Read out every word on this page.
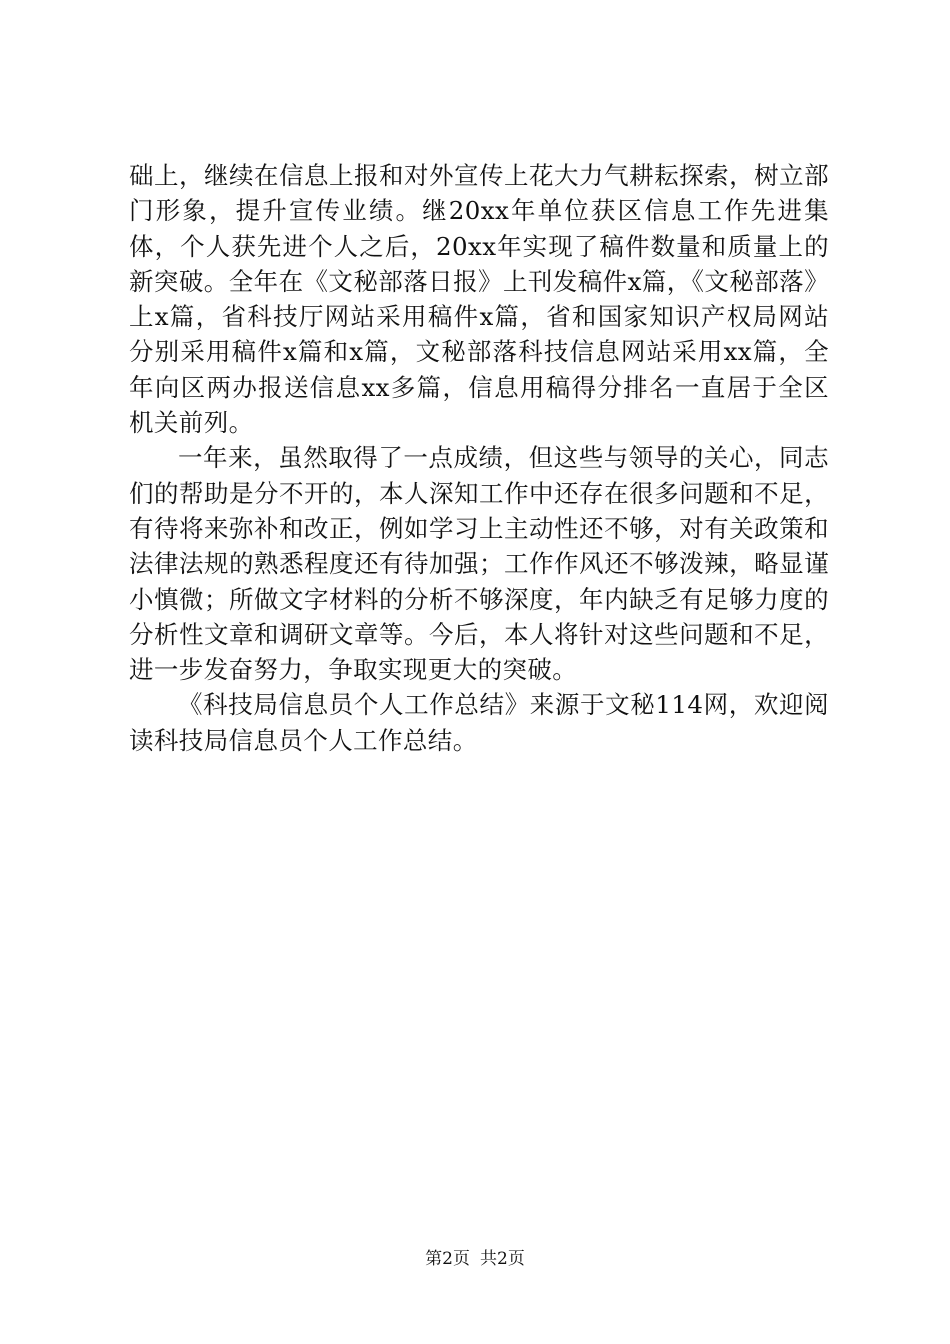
础上，继续在信息上报和对外宣传上花大力气耕耘探索，树立部门形象，提升宣传业绩。继20xx年单位获区信息工作先进集体，个人获先进个人之后，20xx年实现了稿件数量和质量上的新突破。全年在《文秘部落日报》上刊发稿件x篇，《文秘部落》上x篇，省科技厅网站采用稿件x篇，省和国家知识产权局网站分别采用稿件x篇和x篇，文秘部落科技信息网站采用xx篇，全年向区两办报送信息xx多篇，信息用稿得分排名一直居于全区机关前列。

一年来，虽然取得了一点成绩，但这些与领导的关心，同志们的帮助是分不开的，本人深知工作中还存在很多问题和不足，有待将来弥补和改正，例如学习上主动性还不够，对有关政策和法律法规的熟悉程度还有待加强；工作作风还不够泼辣，略显谨小慎微；所做文字材料的分析不够深度，年内缺乏有足够力度的分析性文章和调研文章等。今后，本人将针对这些问题和不足，进一步发奋努力，争取实现更大的突破。

《科技局信息员个人工作总结》来源于文秘114网，欢迎阅读科技局信息员个人工作总结。

第2页 共2页
